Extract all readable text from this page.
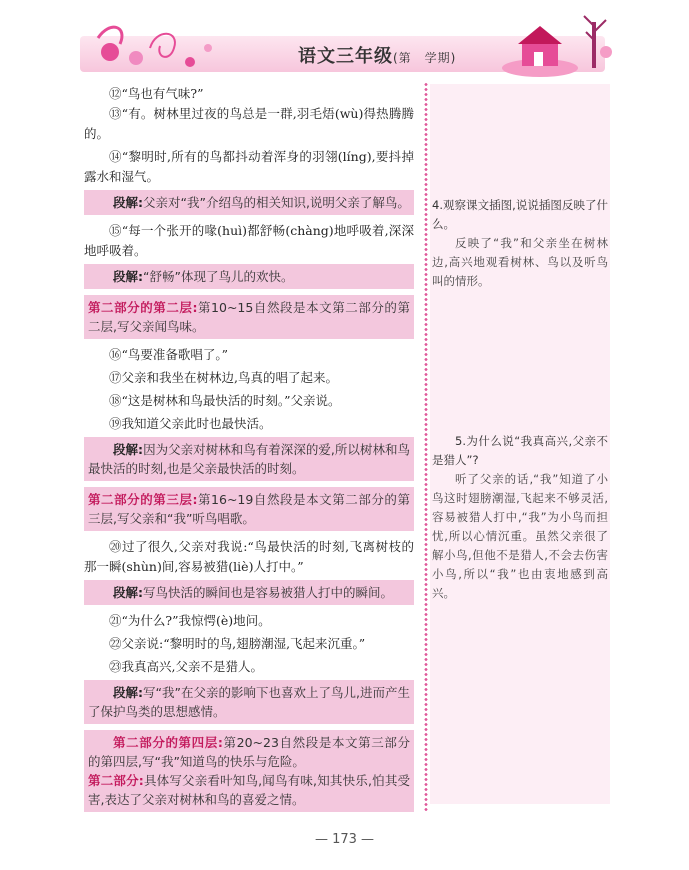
语文三年级(第　学期)

⑫“鸟也有气味?”

⑬“有。树林里过夜的鸟总是一群,羽毛焐(wù)得热腾腾的。

⑭“黎明时,所有的鸟都抖动着浑身的羽翎(líng),要抖掉露水和湿气。

段解:父亲对“我”介绍鸟的相关知识,说明父亲了解鸟。

⑮“每一个张开的喙(huì)都舒畅(chàng)地呼吸着,深深地呼吸着。

段解:“舒畅”体现了鸟儿的欢快。
第二部分的第二层:第10~15自然段是本文第二部分的第二层,写父亲闻鸟味。

⑯“鸟要准备歌唱了。”

⑰父亲和我坐在树林边,鸟真的唱了起来。

⑱“这是树林和鸟最快活的时刻。”父亲说。

⑲我知道父亲此时也最快活。

段解:因为父亲对树林和鸟有着深深的爱,所以树林和鸟最快活的时刻,也是父亲最快活的时刻。
第二部分的第三层:第16~19自然段是本文第二部分的第三层,写父亲和“我”听鸟唱歌。

⑳过了很久,父亲对我说:“鸟最快活的时刻,飞离树枝的那一瞬(shùn)间,容易被猎(liè)人打中。”

段解:写鸟快活的瞬间也是容易被猎人打中的瞬间。

㉑“为什么?”我惊愕(è)地问。

㉒父亲说:“黎明时的鸟,翅膀潮湿,飞起来沉重。”

㉓我真高兴,父亲不是猎人。

段解:写“我”在父亲的影响下也喜欢上了鸟儿,进而产生了保护鸟类的思想感情。
第二部分的第四层:第20~23自然段是本文第三部分的第四层,写“我”知道鸟的快乐与危险。
第二部分:具体写父亲看叶知鸟,闻鸟有味,知其快乐,怕其受害,表达了父亲对树林和鸟的喜爱之情。

4.观察课文插图,说说插图反映了什么。

反映了“我”和父亲坐在树林边,高兴地观看树林、鸟以及听鸟叫的情形。

5.为什么说“我真高兴,父亲不是猎人”?

听了父亲的话,“我”知道了小鸟这时翅膀潮湿,飞起来不够灵活,容易被猎人打中,“我”为小鸟而担忧,所以心情沉重。虽然父亲很了解小鸟,但他不是猎人,不会去伤害小鸟,所以“我”也由衷地感到高兴。

— 173 —
